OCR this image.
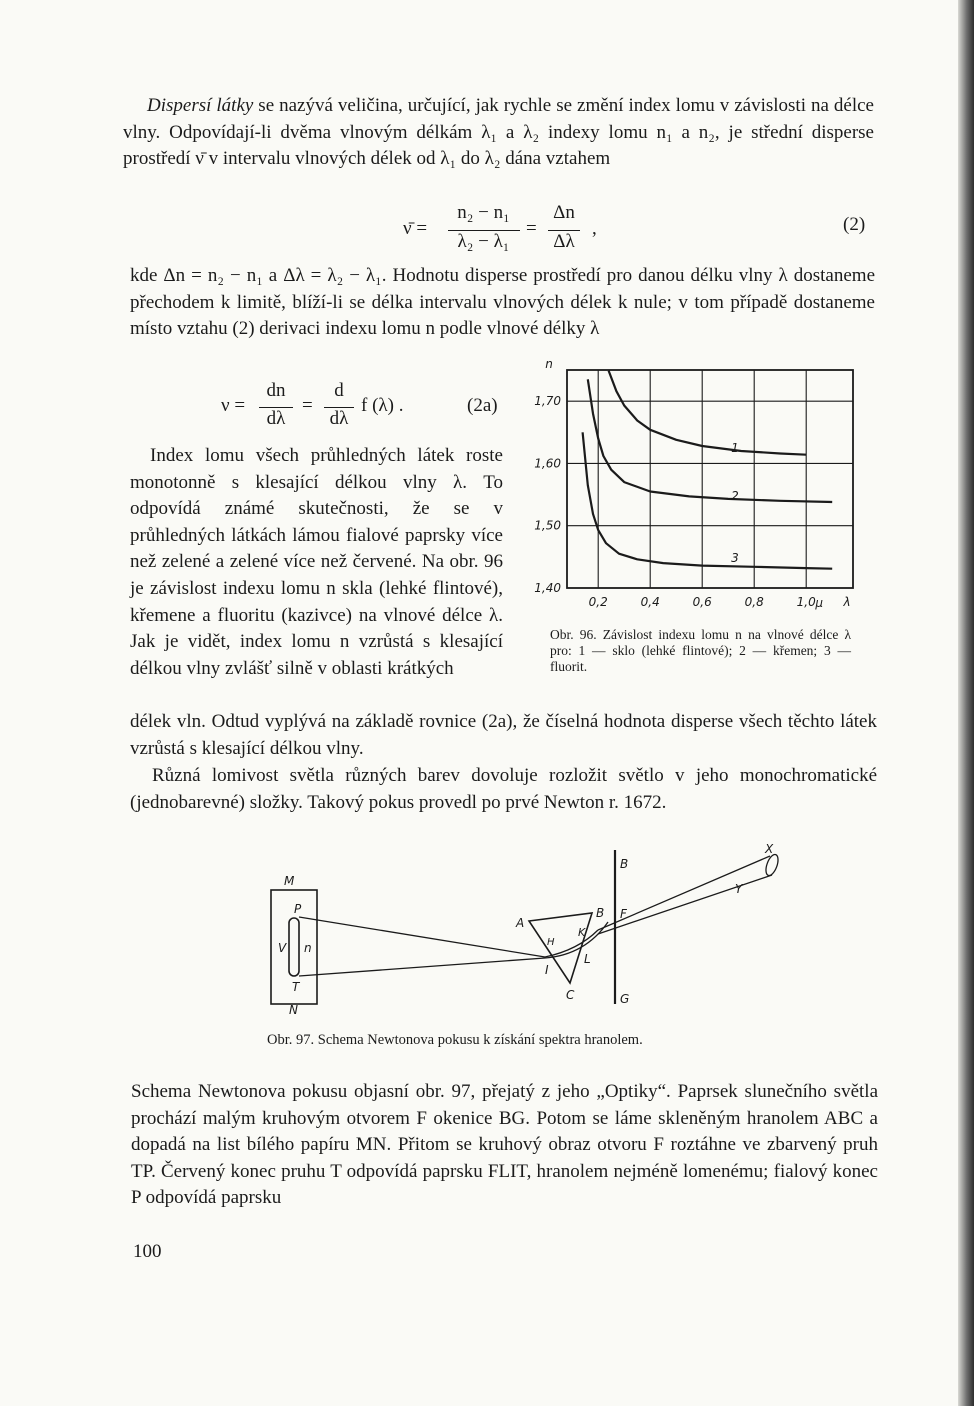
Dispersí látky se nazývá veličina, určující, jak rychle se změní index lomu v závislosti na délce vlny. Odpovídají-li dvěma vlnovým délkám λ₁ a λ₂ indexy lomu n₁ a n₂, je střední disperse prostředí ν̄ v intervalu vlnových délek od λ₁ do λ₂ dána vztahem

ν̄ =
n₂ − n₁
λ₂ − λ₁
=
Δn
Δλ
,	(2)

kde Δn = n₂ − n₁ a Δλ = λ₂ − λ₁. Hodnotu disperse prostředí pro danou délku vlny λ dostaneme přechodem k limitě, blíží-li se délka intervalu vlnových délek k nule; v tom případě dostaneme místo vztahu (2) derivaci indexu lomu n podle vlnové délky λ

ν =
dn
dλ
=
d
dλ
f (λ) .	(2a)

Index lomu všech průhledných látek roste monotonně s klesající délkou vlny λ. To odpovídá známé skutečnosti, že se v průhledných látkách lámou fialové paprsky více než zelené a zelené více než červené. Na obr. 96 je závislost indexu lomu n skla (lehké flintové), křemene a fluoritu (kazivce) na vlnové délce λ. Jak je vidět, index lomu n vzrůstá s klesající délkou vlny zvlášť silně v oblasti krátkých

délek vln. Odtud vyplývá na základě rovnice (2a), že číselná hodnota disperse všech těchto látek vzrůstá s klesající délkou vlny.

Různá lomivost světla různých barev dovoluje rozložit světlo v jeho monochromatické (jednobarevné) složky. Takový pokus provedl po prvé Newton r. 1672.

1,40
1,50
1,60
1,70
0,2	0,4	0,6	0,8	1,0 μ
n
λ
1
2
3
Obr. 96. Závislost indexu lomu n na vlnové délce λ pro: 1 — sklo (lehké flintové); 2 — křemen; 3 — fluorit.
M
N
P
T
V n
A
B
C
H
K
I
L
B
F
G
X
Y
Obr. 97. Schema Newtonova pokusu k získání spektra hranolem.

Schema Newtonova pokusu objasní obr. 97, přejatý z jeho „Optiky“. Paprsek slunečního světla prochází malým kruhovým otvorem F okenice BG. Potom se láme skleněným hranolem ABC a dopadá na list bílého papíru MN. Přitom se kruhový obraz otvoru F roztáhne ve zbarvený pruh TP. Červený konec pruhu T odpovídá paprsku FLIT, hranolem nejméně lomenému; fialový konec P odpovídá paprsku

100
